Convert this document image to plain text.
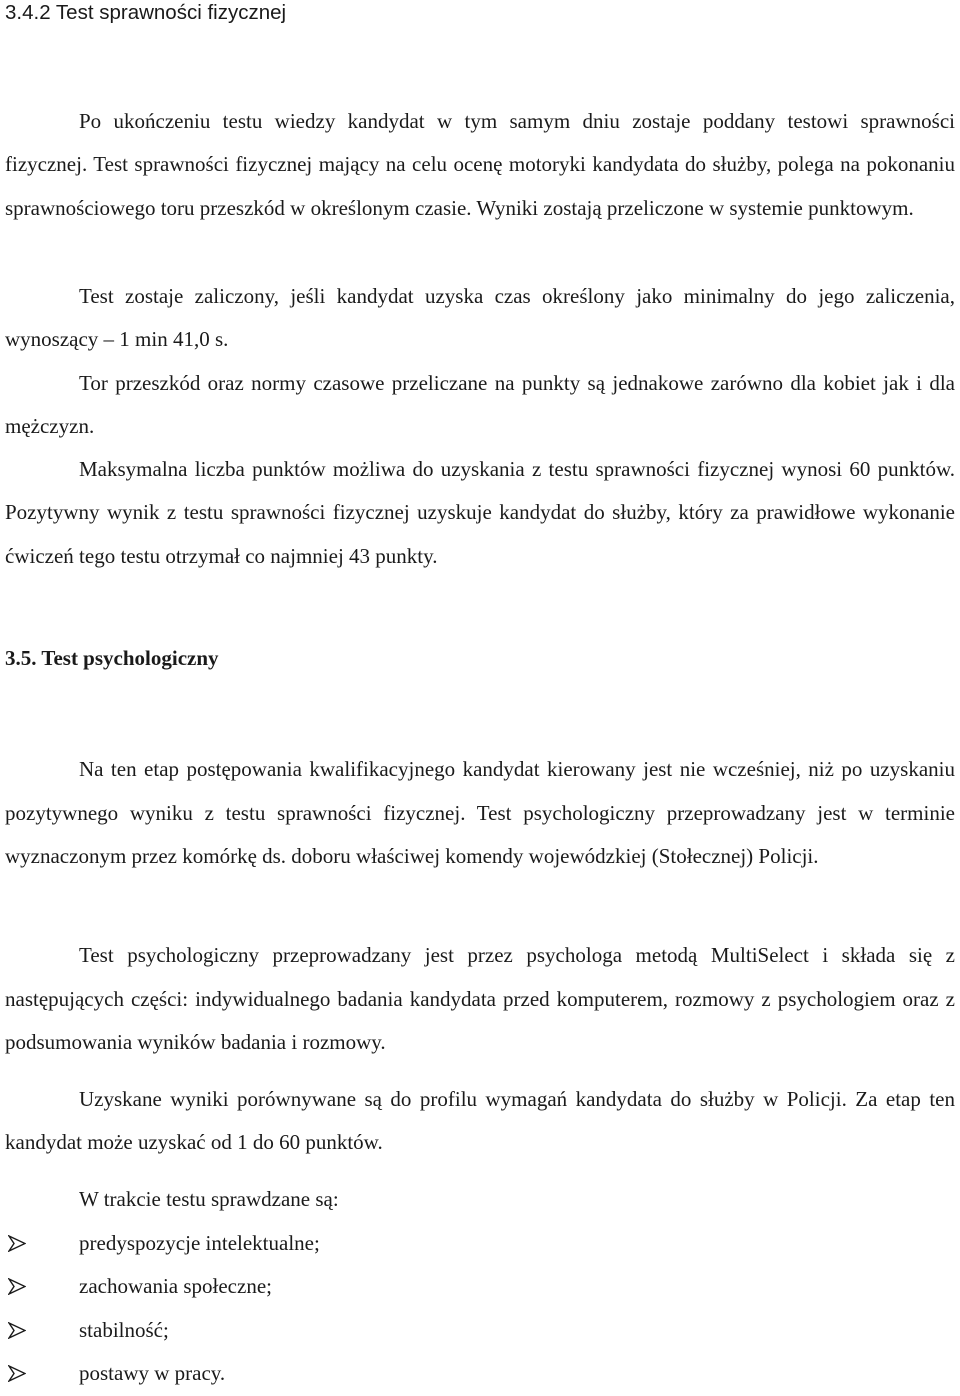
3.4.2 Test sprawności fizycznej

Po ukończeniu testu wiedzy kandydat w tym samym dniu zostaje poddany testowi sprawności fizycznej. Test sprawności fizycznej mający na celu ocenę motoryki kandydata do służby, polega na pokonaniu sprawnościowego toru przeszkód w określonym czasie. Wyniki zostają przeliczone w systemie punktowym.

Test zostaje zaliczony, jeśli kandydat uzyska czas określony jako minimalny do jego zaliczenia, wynoszący – 1 min 41,0 s.

Tor przeszkód oraz normy czasowe przeliczane na punkty są jednakowe zarówno dla kobiet jak i dla mężczyzn.

Maksymalna liczba punktów możliwa do uzyskania z testu sprawności fizycznej wynosi 60 punktów. Pozytywny wynik z testu sprawności fizycznej uzyskuje kandydat do służby, który za prawidłowe wykonanie ćwiczeń tego testu otrzymał co najmniej 43 punkty.

3.5. Test psychologiczny

Na ten etap postępowania kwalifikacyjnego kandydat kierowany jest nie wcześniej, niż po uzyskaniu pozytywnego wyniku z testu sprawności fizycznej. Test psychologiczny przeprowadzany jest w terminie wyznaczonym przez komórkę ds. doboru właściwej komendy wojewódzkiej (Stołecznej) Policji.

Test psychologiczny przeprowadzany jest przez psychologa metodą MultiSelect i składa się z następujących części: indywidualnego badania kandydata przed komputerem, rozmowy z psychologiem oraz z podsumowania wyników badania i rozmowy.

Uzyskane wyniki porównywane są do profilu wymagań kandydata do służby w Policji. Za etap ten kandydat może uzyskać od 1 do 60 punktów.

W trakcie testu sprawdzane są:

predyspozycje intelektualne;
zachowania społeczne;
stabilność;
postawy w pracy.
